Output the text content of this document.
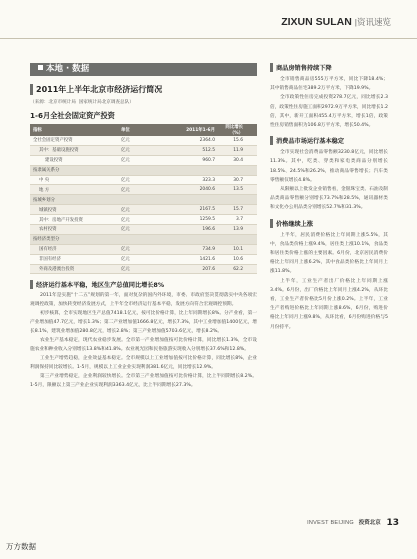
ZIXUN SULAN |资讯速览
本地 · 数据
2011年上半年北京市经济运行简况
（来源：北京市统计局 国家统计局北京调查总队）
1-6月全社会固定资产投资
指标	单位	2011年1-6月	同比增长（%）
全社会固定资产投资	亿元	2364.0	15.6
其中：基础设施投资	亿元	512.5	11.9
建设投资	亿元	960.7	30.4
按隶属关系分			
中 央	亿元	323.3	30.7
地 方	亿元	2040.6	13.5
按城乡划分			
城镇投资	亿元	2167.5	15.7
其中：房地产开发投资	亿元	1259.5	3.7
农村投资	亿元	196.6	13.9
按经济类型分			
国有经济	亿元	734.9	10.1
非国有经济	亿元	1421.6	10.6
外商及港澳台投资	亿元	207.6	62.2
经济运行基本平稳，地区生产总值同比增长8%

2011年是实施“十二五”规划的第一年，面对复杂的国内外环境，市委、市政府坚决贯彻落实中央各项宏观调控政策，加快转变经济发展方式，上半年全市经济运行基本平稳，发展方向符合宏观调控预期。

初步核算，全市实现地区生产总值7418.1亿元，按可比价格计算，比上年同期增长8%。分产业看，第一产业增加值47.7亿元，增长1.3%；第二产业增加值1666.8亿元，增长7.3%，其中工业增加值1400亿元，增长8.1%，建筑业增加值280.8亿元，增长2.8%；第三产业增加值5703.6亿元，增长8.2%。

农业生产基本稳定，现代农业稳步发展。全市第一产业增加值按可比价格计算，同比增长1.3%，全市设施农业和种业收入分别增长13.8%和41.8%。农业观光园和民俗旅游实现收入分别增长37.6%和12.8%。

工业生产增势趋稳，企业效益基本稳定。全市规模以上工业增加值按可比价格计算，同比增长8%，企业利润保持同比较增长。1-5月，规模以上工业企业实现利润381.6亿元，同比增长12.9%。

第三产业增势稳定，企业利润较快增长。全市第三产业增加值按可比价格计算，比上半同期增长8.2%。1-5月，限额以上第三产业企业实现利润3363.4亿元，比上半同期增长27.3%。

商品房销售持续下降

全市销售商品房555万平方米，同比下降18.4%；其中销售商品住宅389.2万平方米，下降19.9%。

全市政策性住房完成投资278.7亿元，同比增长2.3倍，政策性住房施工面积2972.9万平方米，同比增长1.2倍，其中，新开工面积455.4万平方米，增长1倍，政策性住房销售面积为106.8万平方米，增长50.4%。

消费品市场运行基本稳定

全市实现社会消费品零售额3230.8亿元，同比增长11.3%。其中，吃类、穿类和家电类商品分别增长18.5%、24.5%和26.2%，推动商品零售增长；汽车类零售额仅增长4.8%。

从限额以上批发企业销售看，金银珠宝类、石油及制品类商品零售额分别增长73.7%和28.5%，通讯器材类和文化办公用品类分别增长52.7%和31.3%。

价格继续上涨

上半年，居民消费价格比上年同期上涨5.5%，其中，食品类价格上涨9.4%，居住类上涨10.1%，食品类和居住类价格上涨的主要因素。6月份，北京居民消费价格比上年同月上涨6.2%，其中食品类价格比上年同月上涨11.8%。

上半年，工业生产者出厂价格比上年同期上涨3.4%。6月份，出厂价格比上年同月上涨4.2%，从环比看，工业生产者价格比5月份上涨0.2%。上半年，工业生产者购进价格比上年同期上涨8.6%，6月份，购进价格比上年同月上涨9.8%，从环比看，6月份购进价格与5月份持平。

INVEST BEIJING 投资北京 13
万方数据
